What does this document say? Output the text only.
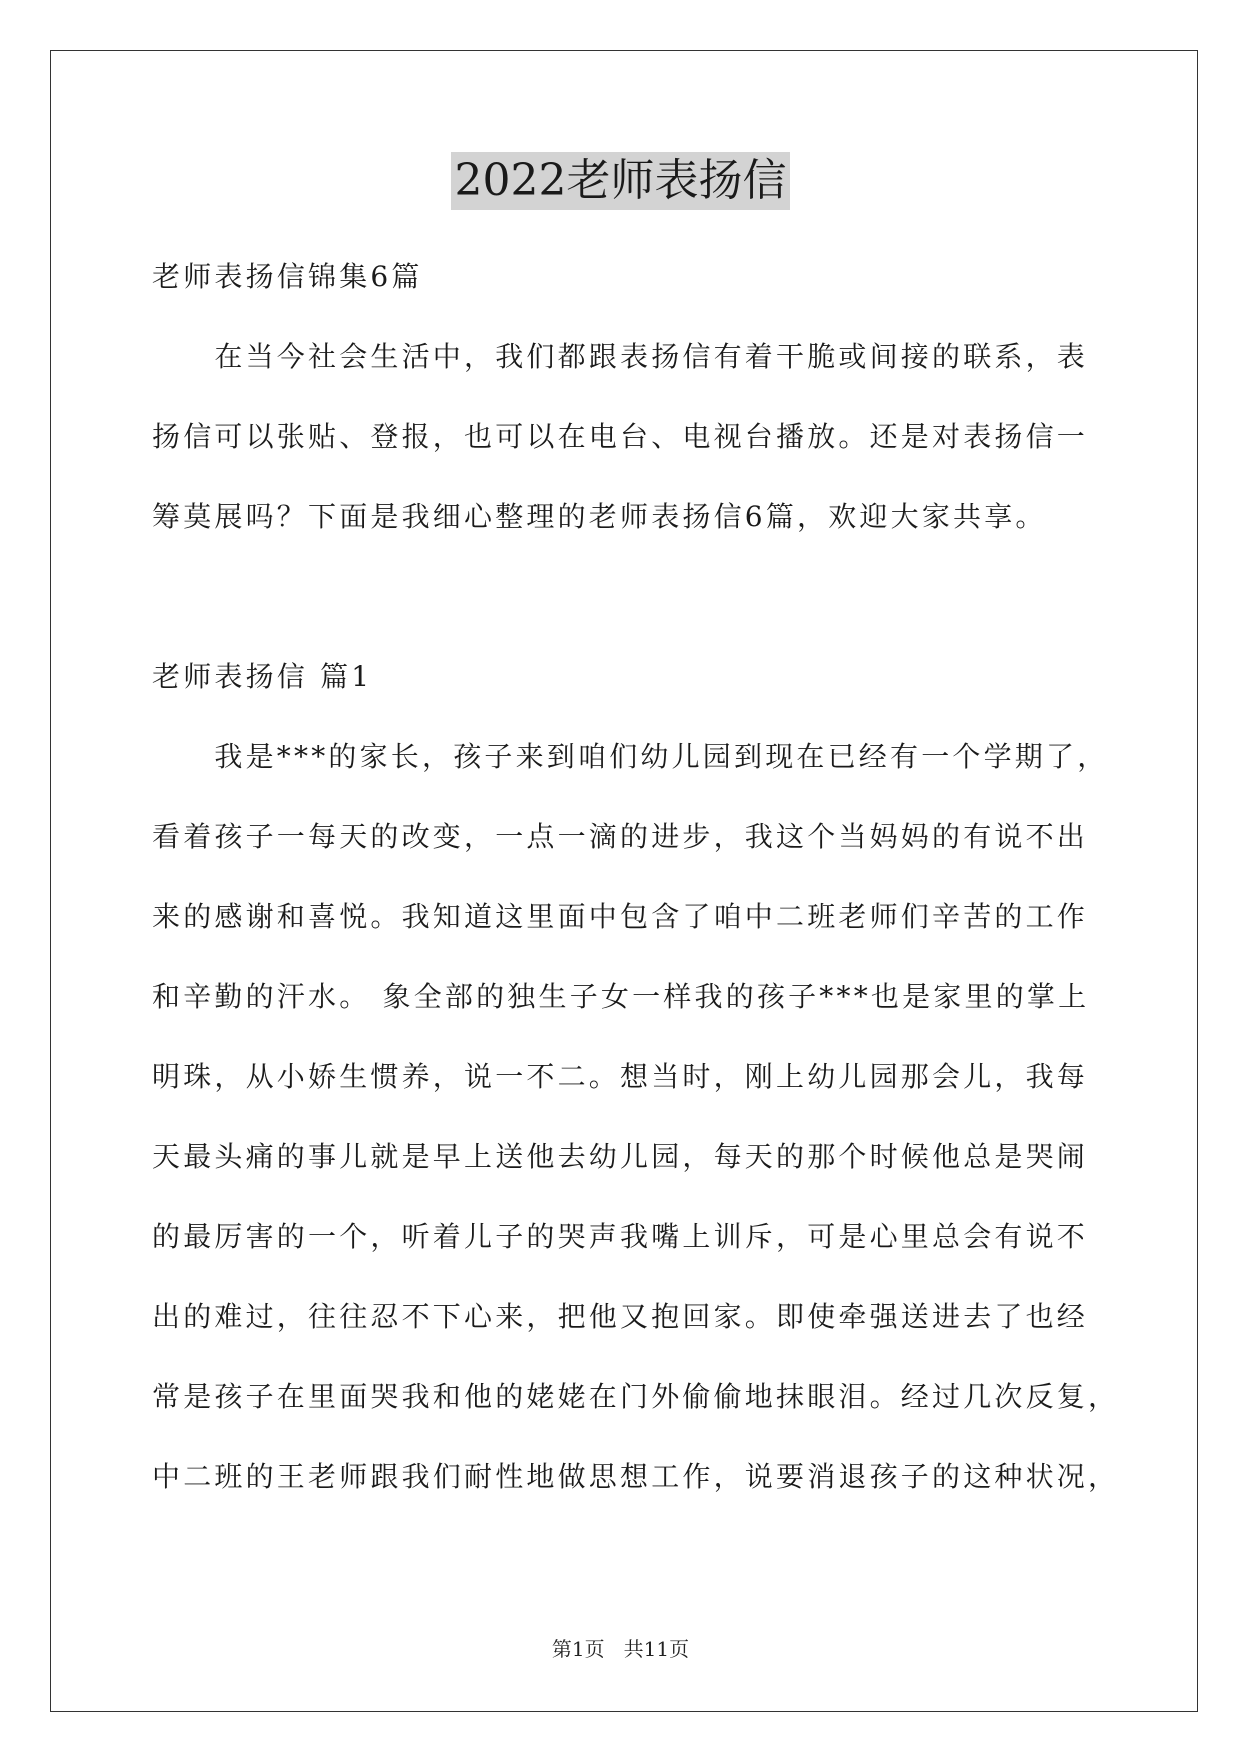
2022老师表扬信
老师表扬信锦集6篇
　　在当今社会生活中，我们都跟表扬信有着干脆或间接的联系，表
扬信可以张贴、登报，也可以在电台、电视台播放。还是对表扬信一
筹莫展吗？下面是我细心整理的老师表扬信6篇，欢迎大家共享。
老师表扬信 篇1
　　我是***的家长，孩子来到咱们幼儿园到现在已经有一个学期了，
看着孩子一每天的改变，一点一滴的进步，我这个当妈妈的有说不出
来的感谢和喜悦。我知道这里面中包含了咱中二班老师们辛苦的工作
和辛勤的汗水。 象全部的独生子女一样我的孩子***也是家里的掌上
明珠，从小娇生惯养，说一不二。想当时，刚上幼儿园那会儿，我每
天最头痛的事儿就是早上送他去幼儿园，每天的那个时候他总是哭闹
的最厉害的一个，听着儿子的哭声我嘴上训斥，可是心里总会有说不
出的难过，往往忍不下心来，把他又抱回家。即使牵强送进去了也经
常是孩子在里面哭我和他的姥姥在门外偷偷地抹眼泪。经过几次反复，
中二班的王老师跟我们耐性地做思想工作，说要消退孩子的这种状况，
第1页   共11页
